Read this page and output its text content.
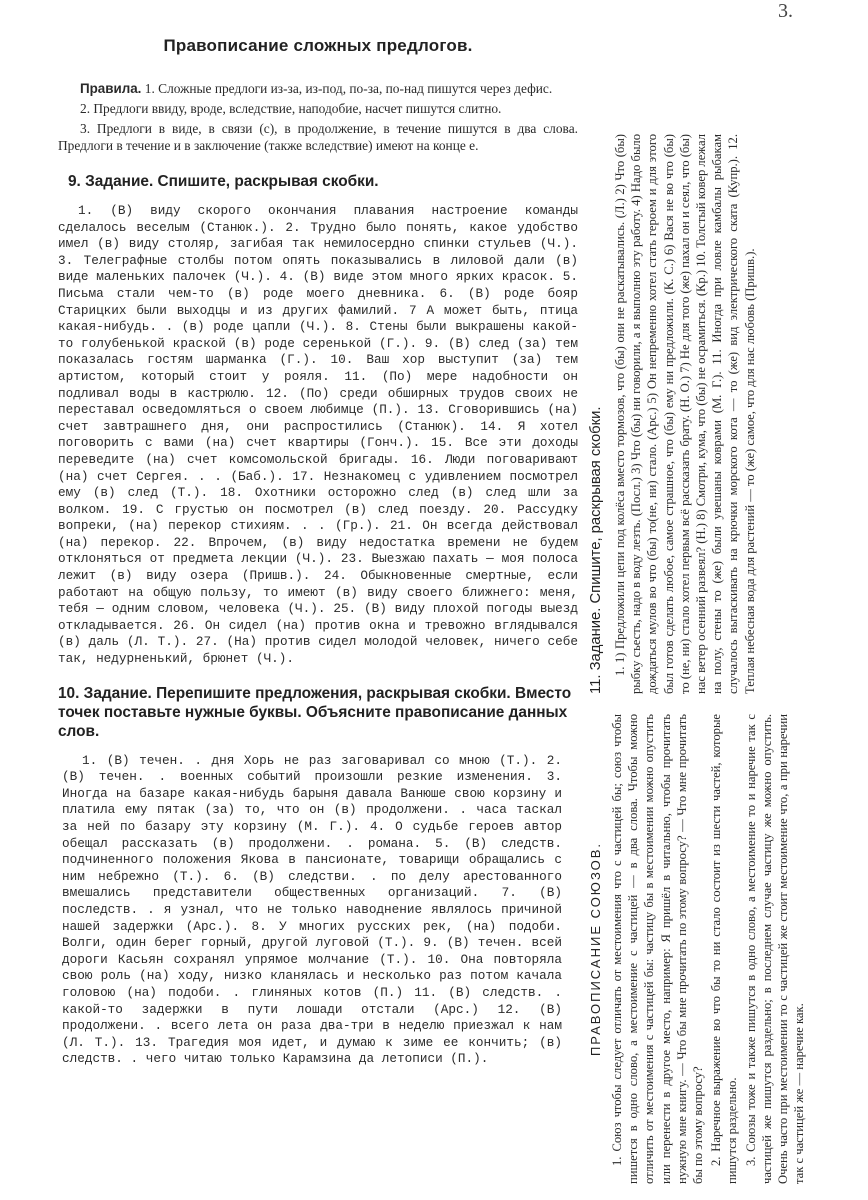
3.
Правописание сложных предлогов.

Правила. 1. Сложные предлоги из-за, из-под, по-за, по-над пишутся через дефис.

2. Предлоги ввиду, вроде, вследствие, наподобие, насчет пишутся слитно.

3. Предлоги в виде, в связи (с), в продолжение, в течение пишутся в два слова. Предлоги в течение и в заключение (также вследствие) имеют на конце е.

9. Задание. Спишите, раскрывая скобки.

1. (В) виду скорого окончания плавания настроение команды сделалось веселым (Станюк.). 2. Трудно было понять, какое удобство имел (в) виду столяр, загибая так немилосердно спинки стульев (Ч.). 3. Телеграфные столбы потом опять показывались в лиловой дали (в) виде маленьких палочек (Ч.). 4. (В) виде этом много ярких красок. 5. Письма стали чем-то (в) роде моего дневника. 6. (В) роде бояр Старицких были выходцы и из других фамилий. 7 А может быть, птица какая-нибудь. . (в) роде цапли (Ч.). 8. Стены были выкрашены какой-то голубенькой краской (в) роде серенькой (Г.). 9. (В) след (за) тем показалась гостям шарманка (Г.). 10. Ваш хор выступит (за) тем артистом, который стоит у рояля. 11. (По) мере надобности он подливал воды в кастрюлю. 12. (По) среди обширных трудов своих не переставал осведомляться о своем любимце (П.). 13. Сговорившись (на) счет завтрашнего дня, они распростились (Станюк). 14. Я хотел поговорить с вами (на) счет квартиры (Гонч.). 15. Все эти доходы переведите (на) счет комсомольской бригады. 16. Люди поговаривают (на) счет Сергея. . . (Баб.). 17. Незнакомец с удивлением посмотрел ему (в) след (Т.). 18. Охотники осторожно след (в) след шли за волком. 19. С грустью он посмотрел (в) след поезду. 20. Рассудку вопреки, (на) перекор стихиям. . . (Гр.). 21. Он всегда действовал (на) перекор. 22. Впрочем, (в) виду недостатка времени не будем отклоняться от предмета лекции (Ч.). 23. Выезжаю пахать — моя полоса лежит (в) виду озера (Пришв.). 24. Обыкновенные смертные, если работают на общую пользу, то имеют (в) виду своего ближнего: меня, тебя — одним словом, человека (Ч.). 25. (В) виду плохой погоды выезд откладывается. 26. Он сидел (на) против окна и тревожно вглядывался (в) даль (Л. Т.). 27. (На) против сидел молодой человек, ничего себе так, недурненький, брюнет (Ч.).

10. Задание. Перепишите предложения, раскрывая скобки. Вместо точек поставьте нужные буквы. Объясните правописание данных слов.

1. (В) течен. . дня Хорь не раз заговаривал со мною (Т.). 2. (В) течен. . военных событий произошли резкие изменения. 3. Иногда на базаре какая-нибудь барыня давала Ванюше свою корзину и платила ему пятак (за) то, что он (в) продолжени. . часа таскал за ней по базару эту корзину (М. Г.). 4. О судьбе героев автор обещал рассказать (в) продолжени. . романа. 5. (В) следств. подчиненного положения Якова в пансионате, товарищи обращались с ним небрежно (Т.). 6. (В) следстви. . по делу арестованного вмешались представители общественных организаций. 7. (В) последств. . я узнал, что не только наводнение являлось причиной нашей задержки (Арс.). 8. У многих русских рек, (на) подоби. Волги, один берег горный, другой луговой (Т.). 9. (В) течен. всей дороги Касьян сохранял упрямое молчание (Т.). 10. Она повторяла свою роль (на) ходу, низко кланялась и несколько раз потом качала головою (на) подоби. . глиняных котов (П.) 11. (В) следств. . какой-то задержки в пути лошади отстали (Арс.) 12. (В) продолжени. . всего лета он раза два-три в неделю приезжал к нам (Л. Т.). 13. Трагедия моя идет, и думаю к зиме ее кончить; (в) следств. . чего читаю только Карамзина да летописи (П.).

ПРАВОПИСАНИЕ СОЮЗОВ. 1. Союз чтобы следует отличать от местоимения что с частицей бы; союз чтобы пишется в одно слово, а местоимение с частицей — в два слова. Чтобы можно отличить от местоимения с частицей бы: частицу бы в местоимении можно опустить или перенести в другое место, например: Я пришёл в читальню, чтобы прочитать нужную мне книгу. — Что бы мне прочитать по этому вопросу? — Что мне прочитать бы по этому вопросу? 2. Наречное выражение во что бы то ни стало состоит из шести частей, которые пишутся раздельно. 3. Союзы тоже и также пишутся в одно слово, а местоимение то и наречие так с частицей же пишутся раздельно; в последнем случае частицу же можно опустить. Очень часто при местоимении то с частицей же стоит местоимение что, а при наречии так с частицей же — наречие как.

11. Задание. Спишите, раскрывая скобки. 1. 1) Предложили цепи под колёса вместо тормозов, что (бы) они не раскатывались. (Л.) 2) Что (бы) рыбку съесть, надо в воду лезть. (Посл.) 3) Что (бы) ни говорили, а я выполню эту работу. 4) Надо было дождаться мулов во что (бы) то(не, ни) стало. (Арс.) 5) Он непременно хотел стать героем и для этого был готов сделать любое, самое страшное, что (бы) ему ни предложили. (К. С.) 6) Вася не во что (бы) то (не, ни) стало хотел первым всё рассказать брату. (Н. О.) 7) Не для того (же) пахал он и сеял, что (бы) нас ветер осенний развеял? (Н.) 8) Смотри, кума, что (бы) не осрамиться. (Кр.) 10. Толстый ковер лежал на полу, стены то (же) были увешаны коврами (М. Г.). 11. Иногда при ловле камбалы рыбакам случалось вытаскивать на крючки морского кота — то (же) вид электрического ската (Купр.). 12. Теплая небесная вода для растений — то (же) самое, что для нас любовь (Пришв.).
